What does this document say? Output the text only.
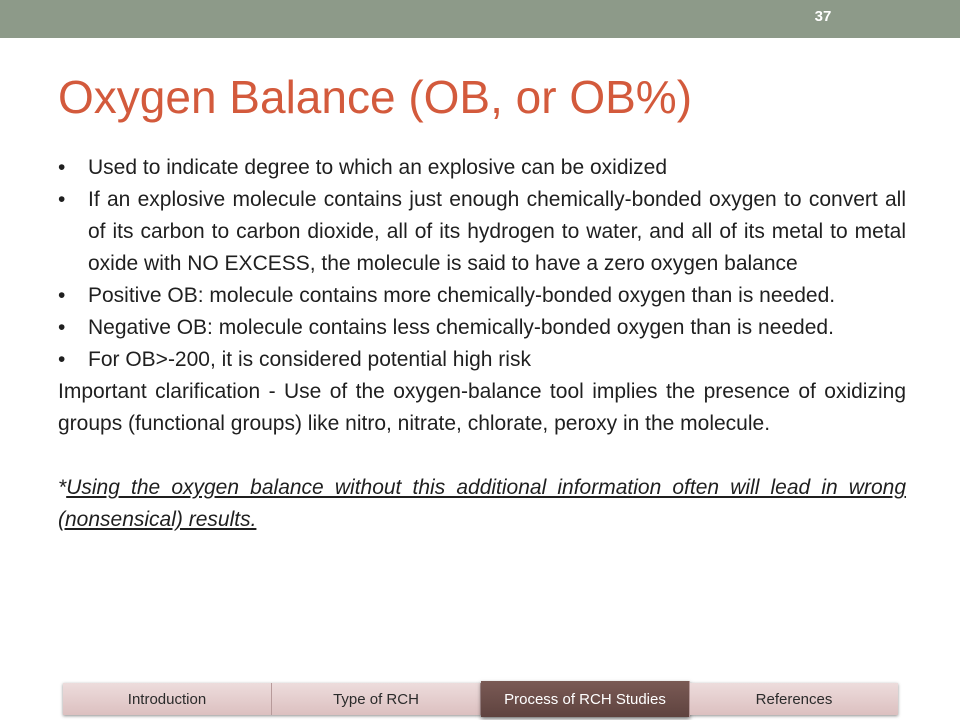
37
Oxygen Balance (OB, or OB%)
• Used to indicate degree to which an explosive can be oxidized
• If an explosive molecule contains just enough chemically-bonded oxygen to convert all of its carbon to carbon dioxide, all of its hydrogen to water, and all of its metal to metal oxide with NO EXCESS, the molecule is said to have a zero oxygen balance
• Positive OB: molecule contains more chemically-bonded oxygen than is needed.
• Negative OB: molecule contains less chemically-bonded oxygen than is needed.
• For OB>-200, it is considered potential high risk

Important clarification - Use of the oxygen-balance tool implies the presence of oxidizing groups (functional groups) like nitro, nitrate, chlorate, peroxy in the molecule.

*Using the oxygen balance without this additional information often will lead in wrong (nonsensical) results.

Introduction	Type of RCH	Process of RCH Studies	References
